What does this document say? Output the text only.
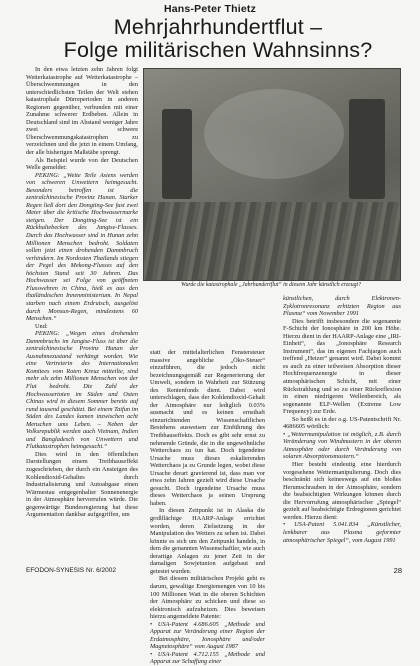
Hans-Peter Thietz
Mehrjahrhundertflut –
Folge militärischen Wahnsinns?

In den etwa letzten zehn Jahren folgt Wetterkatastrophe auf Wetterkatastrophe – Überschwemmungen in den unterschiedlichsten Teilen der Welt stehen katastrophale Dürreperioden in anderen Regionen gegenüber, verbunden mit einer Zunahme schwerer Erdbeben. Allein in Deutschland sind im Abstand weniger Jahre zwei schwere Überschwemmungskatastrophen zu verzeichnen und die jetzt in einem Umfang, der alle bisherigen Maßstäbe sprengt.

Als Beispiel wurde von der Deutschen Welle gemeldet:

PEKING: „Weite Teile Asiens werden von schweren Unwettern heimgesucht. Besonders betroffen ist die zentralchinesische Provinz Hunan. Starker Regen ließ dort den Dongting-See fast zwei Meter über die kritische Hochwassermarke steigen. Der Dongting-See ist ein Rückhaltebecken des Jangtse-Flusses. Durch das Hochwasser sind in Hunan zehn Millionen Menschen bedroht. Soldaten sollen jetzt einen drohenden Dammbruch verhindern. Im Nordosten Thailands stiegen der Pegel des Mekong-Flusses auf den höchsten Stand seit 30 Jahren. Das Hochwasser sei Folge von geöffneten Flusswehren in China, hieß es aus den thailändischen Innenministerium. In Nepal starben nach einem Erdrutsch, ausgelöst durch Monsun-Regen, mindestens 60 Menschen.“

Und:

PEKING: „Wegen eines drohenden Dammbruchs im Jangtse-Fluss ist über die zentralchinesische Provinz Hunan der Ausnahmezustand verhängt worden. Wie eine Vertreterin des Internationalen Komitees vom Roten Kreuz mitteilte, sind mehr als zehn Millionen Menschen von der Flut bedroht. Die Zahl der Hochwassertoten im Süden und Osten Chinas wird in diesem Sommer bereits auf rund tausend geschätzt. Bei einem Taifun im Süden des Landes kamen inzwischen acht Menschen ums Leben. – Neben der Volksrepublik werden auch Vietnam, Indien und Bangladesch von Unwettern und Flutkatastrophen heimgesucht.“

Dies wird in den öffentlichen Darstellungen einem Treibhauseffekt zugeschrieben, der durch ein Ansteigen des Kohlendioxid-Gehaltes durch Industrialisierung und Autoabgase einen Wärmestau entgegenhalter Sonnenenergie in der Atmosphäre hervorrufen würde. Die gegenwärtige Bundesregierung hat diese Argumentation dankbar aufgegriffen, um

Wurde die katastrophale „Jahrhundertflut“ in diesem Jahr künstlich erzeugt?

statt der mittelalterlichen Fenstersteuer massive angebliche „Öko-Steuer“ einzuführen, die jedoch nicht bezeichnungsgemäß zur Regenerierung der Umwelt, sondern in Wahrheit zur Stützung des Rentenfonds dient. Dabei wird unterschlagen, dass der Kohlendioxid-Gehalt der Atmosphäre nur lediglich 0.03% ausmacht und es keinen ernsthaft einzurichtenden Wissenschaftlichen Bestehens ausweisen zur Einführung des Treibhauseffekts. Doch es gibt sehr ernst zu nehmende Gründe, die in die ungewöhnliche Wetterchaos zu tun hat. Doch irgendeine Ursache muss dieses eskalierenden Wetterchaos ja zu Grunde legen, wobei diese Ursache derart gravierend ist, dass man vor etwa zehn Jahren gezielt wird diese Ursache gesucht. Doch irgendeine Ursache muss dieses Wetterchaos ja seinen Ursprung haben.

In diesen Zeitpunkt ist in Alaska die großflächige HAARP-Anlage errichtet worden, deren Zielsetzung in der Manipulation des Wetters zu sehen ist. Dabei könnte es sich um den Zeitpunkt handeln, in dem die genannten Wissenschaftler, wie auch derartige Anlagen zu jener Zeit in der damaligen Sowjetunion aufgebaut und getestet wurden.

Bei diesem militärischen Projekt geht es darum, gewaltige Energiemengen von 10 bis 100 Millionen Watt in die oberen Schichten der Atmosphäre zu schicken und diese so elektronisch aufzuheizen. Dies beweisen hierzu angemeldete Patente:

• USA-Patent 4.686.605 „Methode und Apparat zur Veränderung einer Region der Erdatmosphäre, Ionosphäre und/oder Magnetosphäre“ vom August 1987

• USA-Patent 4.712.155 „Methode und Apparat zur Schaffung einer

künstlichen, durch Elektronen-Zyklotronresonanz erhitzten Region aus Plasma“ vom November 1991

Dies betrifft insbesondere die sogenannte F-Schicht der Ionosphäre in 200 km Höhe. Hierzu dient in der HAARP-Anlage eine „IRI-Einheit“, das „Ionosphäre Research Instrument“, das im eigenen Fachjargon auch treffend „Heizer“ genannt wird. Dabei kommt es auch zu einer teilweisen Absorption dieser Hochfrequenzenergie in dieser atmosphärischen Schicht, mit einer Rückstrahlung und so zu einer Rückreflexion in einen niedrigeren Wellenbereich, als sogenannte ELF-Wellen (Extreme Low Frequency) zur Erde.

So heißt es in der o.g. US-Patentschrift Nr. 4686605 wörtlich:

• „Wettermanipulation ist möglich, z.B. durch Veränderung von Windmustern in der oberen Atmosphäre oder durch Veränderung von solaren Absorptionsmustern.“

Hier besteht eindeutig eine hierdurch vorgesehene Wettermanipulierung. Doch dies beschränkt sich keineswegs auf ein bloßes Herumschrauben in der Atmosphäre, sondern die beabsichtigten Wirkungen können durch die Hervorrufung atmosphärischer „Spiegel“ gezielt auf beabsichtigte Erdregionen gerichtet werden. Hierzu dient:

• USA-Patent 5.041.834 „Künstlicher, lenkbarer aus Plasma geformter atmosphärischer Spiegel“, vom August 1991

EFODON-SYNESIS Nr. 6/2002	28
